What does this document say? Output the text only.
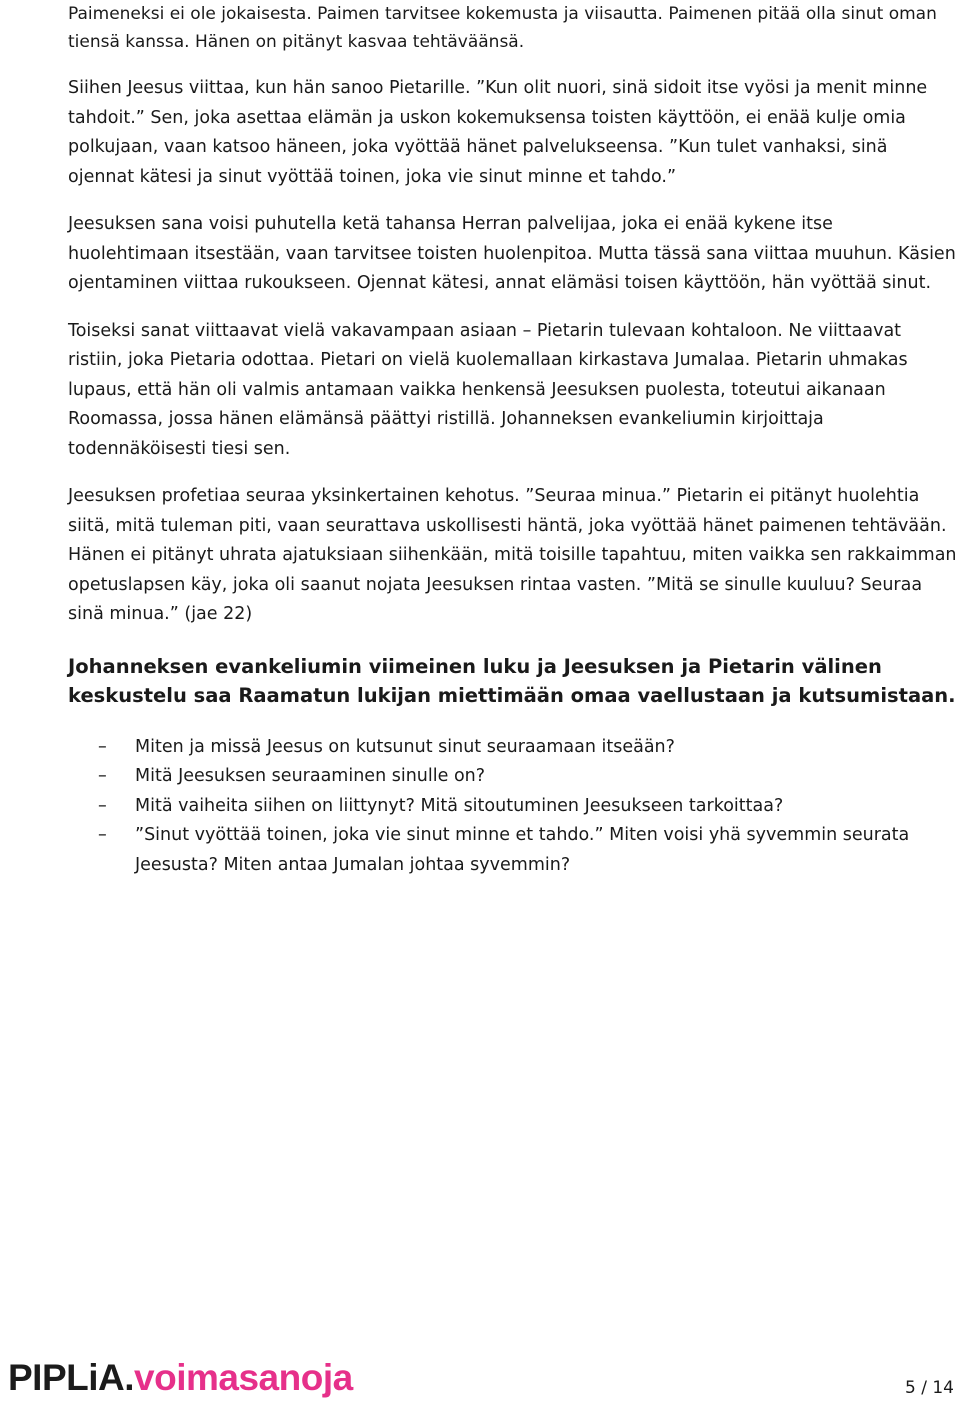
Paimeneksi ei ole jokaisesta. Paimen tarvitsee kokemusta ja viisautta. Paimenen pitää olla sinut oman tiensä kanssa. Hänen on pitänyt kasvaa tehtäväänsä.

Siihen Jeesus viittaa, kun hän sanoo Pietarille. ”Kun olit nuori, sinä sidoit itse vyösi ja menit minne tahdoit.” Sen, joka asettaa elämän ja uskon kokemuksensa toisten käyttöön, ei enää kulje omia polkujaan, vaan katsoo häneen, joka vyöttää hänet palvelukseensa. ”Kun tulet vanhaksi, sinä ojennat kätesi ja sinut vyöttää toinen, joka vie sinut minne et tahdo.”

Jeesuksen sana voisi puhutella ketä tahansa Herran palvelijaa, joka ei enää kykene itse huolehtimaan itsestään, vaan tarvitsee toisten huolenpitoa. Mutta tässä sana viittaa muuhun. Käsien ojentaminen viittaa rukoukseen. Ojennat kätesi, annat elämäsi toisen käyttöön, hän vyöttää sinut.

Toiseksi sanat viittaavat vielä vakavampaan asiaan – Pietarin tulevaan kohtaloon. Ne viittaavat ristiin, joka Pietaria odottaa. Pietari on vielä kuolemallaan kirkastava Jumalaa. Pietarin uhmakas lupaus, että hän oli valmis antamaan vaikka henkensä Jeesuksen puolesta, toteutui aikanaan Roomassa, jossa hänen elämänsä päättyi ristillä. Johanneksen evankeliumin kirjoittaja todennäköisesti tiesi sen.

Jeesuksen profetiaa seuraa yksinkertainen kehotus. ”Seuraa minua.” Pietarin ei pitänyt huolehtia siitä, mitä tuleman piti, vaan seurattava uskollisesti häntä, joka vyöttää hänet paimenen tehtävään. Hänen ei pitänyt uhrata ajatuksiaan siihenkään, mitä toisille tapahtuu, miten vaikka sen rakkaimman opetuslapsen käy, joka oli saanut nojata Jeesuksen rintaa vasten. ”Mitä se sinulle kuuluu? Seuraa sinä minua.” (jae 22)

Johanneksen evankeliumin viimeinen luku ja Jeesuksen ja Pietarin välinen keskustelu saa Raamatun lukijan miettimään omaa vaellustaan ja kutsumistaan.

– Miten ja missä Jeesus on kutsunut sinut seuraamaan itseään?
– Mitä Jeesuksen seuraaminen sinulle on?
– Mitä vaiheita siihen on liittynyt? Mitä sitoutuminen Jeesukseen tarkoittaa?
– ”Sinut vyöttää toinen, joka vie sinut minne et tahdo.” Miten voisi yhä syvemmin seurata Jeesusta? Miten antaa Jumalan johtaa syvemmin?
PIPLiA.voimasanoja	5 / 14
